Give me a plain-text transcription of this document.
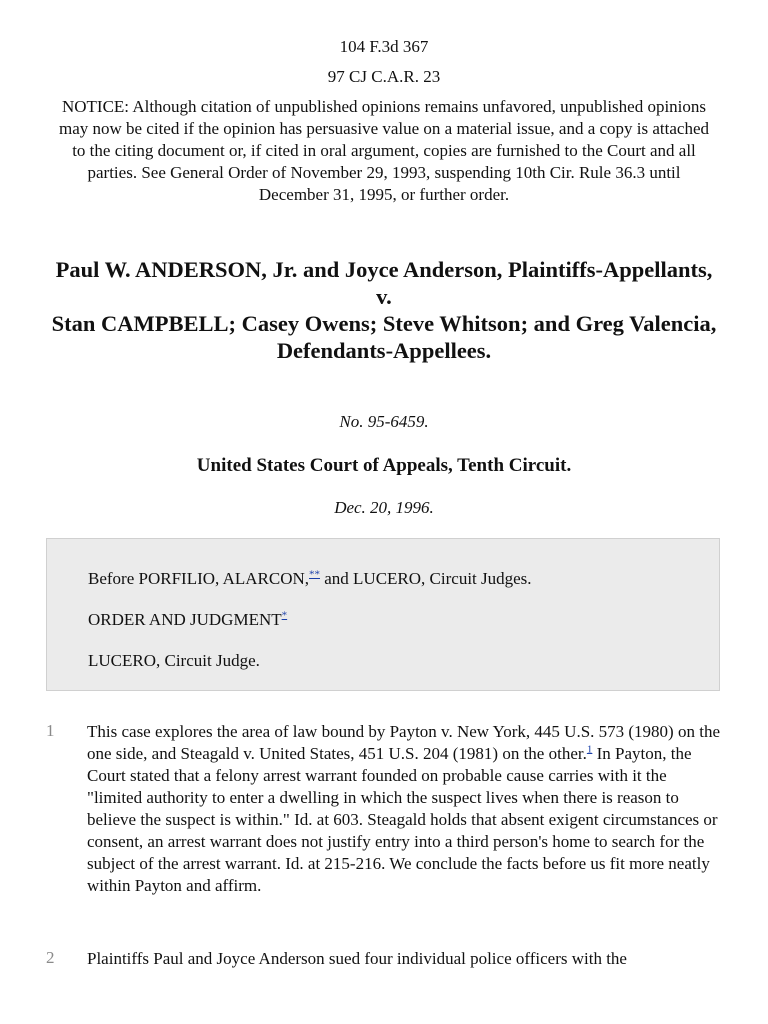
104 F.3d 367
97 CJ C.A.R. 23
NOTICE: Although citation of unpublished opinions remains unfavored, unpublished opinions may now be cited if the opinion has persuasive value on a material issue, and a copy is attached to the citing document or, if cited in oral argument, copies are furnished to the Court and all parties. See General Order of November 29, 1993, suspending 10th Cir. Rule 36.3 until December 31, 1995, or further order.
Paul W. ANDERSON, Jr. and Joyce Anderson, Plaintiffs-Appellants,
v.
Stan CAMPBELL; Casey Owens; Steve Whitson; and Greg Valencia, Defendants-Appellees.
No. 95-6459.
United States Court of Appeals, Tenth Circuit.
Dec. 20, 1996.
Before PORFILIO, ALARCON,** and LUCERO, Circuit Judges.
ORDER AND JUDGMENT*
LUCERO, Circuit Judge.
1 This case explores the area of law bound by Payton v. New York, 445 U.S. 573 (1980) on the one side, and Steagald v. United States, 451 U.S. 204 (1981) on the other.$^1$ In Payton, the Court stated that a felony arrest warrant founded on probable cause carries with it the "limited authority to enter a dwelling in which the suspect lives when there is reason to believe the suspect is within." Id. at 603. Steagald holds that absent exigent circumstances or consent, an arrest warrant does not justify entry into a third person's home to search for the subject of the arrest warrant. Id. at 215-216. We conclude the facts before us fit more neatly within Payton and affirm.
2 Plaintiffs Paul and Joyce Anderson sued four individual police officers with the
